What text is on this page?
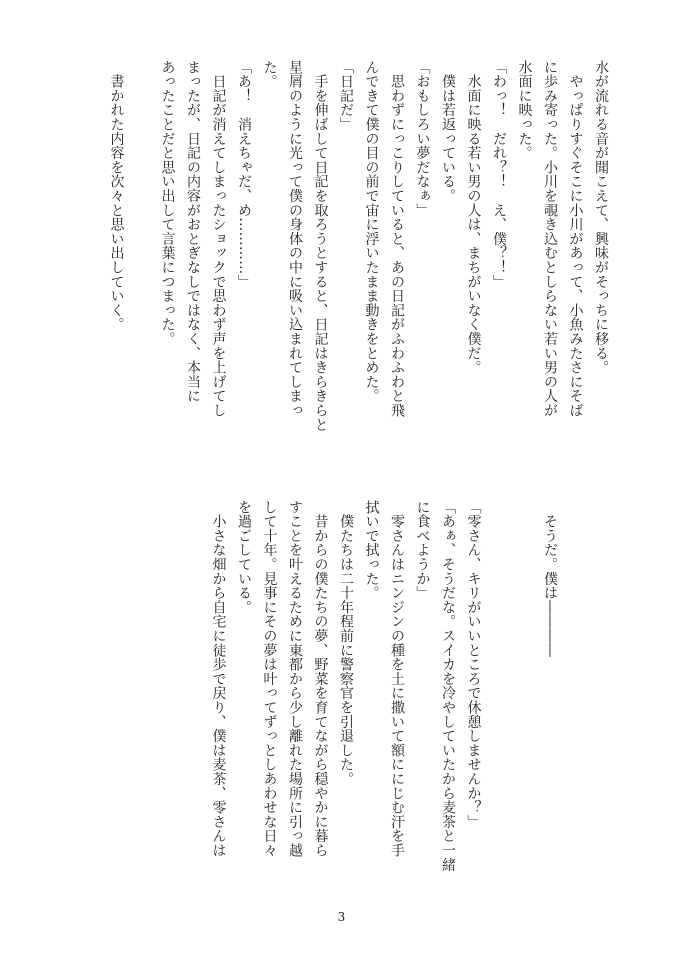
水が流れる音が聞こえて、興味がそっちに移る。
　やっぱりすぐそこに小川があって、小魚みたさにそば
に歩み寄った。小川を覗き込むとしらない若い男の人が
水面に映った。
「わっ！　だれ？！　え、僕？！」
　水面に映る若い男の人は、まちがいなく僕だ。
　僕は若返っている。
「おもしろい夢だなぁ」
　思わずにっこりしていると、あの日記がふわふわと飛
んできて僕の目の前で宙に浮いたまま動きをとめた。
「日記だ」
　手を伸ばして日記を取ろうとすると、日記はきらきらと
星屑のように光って僕の身体の中に吸い込まれてしまっ
た。
「あ！　消えちゃだ、め…………」
　日記が消えてしまったショックで思わず声を上げてし
まったが、日記の内容がおとぎなしではなく、本当に
あったことだと思い出して言葉につまった。

　書かれた内容を次々と思い出していく。

　そうだ。僕は――――

「零さん、キリがいいところで休憩しませんか？」
「あぁ、そうだな。スイカを冷やしていたから麦茶と一緒
に食べようか」
　零さんはニンジンの種を土に撒いて額ににじむ汗を手
拭いで拭った。
　僕たちは二十年程前に警察官を引退した。
　昔からの僕たちの夢、野菜を育てながら穏やかに暮ら
すことを叶えるために東都から少し離れた場所に引っ越
して十年。見事にその夢は叶ってずっとしあわせな日々
を過ごしている。
　小さな畑から自宅に徒歩で戻り、僕は麦茶、零さんは
3
